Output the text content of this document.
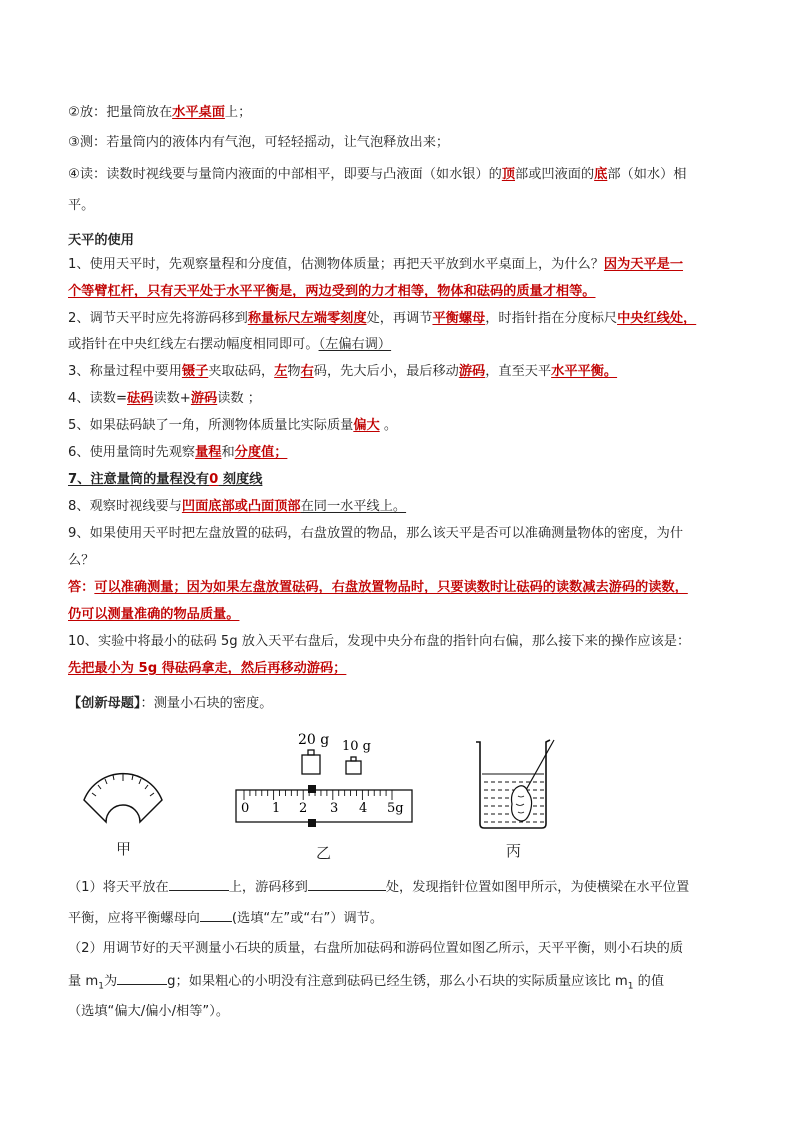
②放：把量筒放在水平桌面上；
③测：若量筒内的液体内有气泡，可轻轻摇动，让气泡释放出来；
④读：读数时视线要与量筒内液面的中部相平，即要与凸液面（如水银）的顶部或凹液面的底部（如水）相
平。
天平的使用
1、使用天平时，先观察量程和分度值，估测物体质量；再把天平放到水平桌面上，为什么？因为天平是一
个等臂杠杆，只有天平处于水平平衡是，两边受到的力才相等，物体和砝码的质量才相等。
2、调节天平时应先将游码移到称量标尺左端零刻度处，再调节平衡螺母，时指针指在分度标尺中央红线处，
或指针在中央红线左右摆动幅度相同即可。（左偏右调）
3、称量过程中要用镊子夹取砝码，左物右码，先大后小，最后移动游码，直至天平水平平衡。
4、读数=砝码读数+游码读数 ；
5、如果砝码缺了一角，所测物体质量比实际质量偏大 。
6、使用量筒时先观察量程和分度值；
7、注意量筒的量程没有0 刻度线
8、观察时视线要与凹面底部或凸面顶部在同一水平线上。
9、如果使用天平时把左盘放置的砝码，右盘放置的物品，那么该天平是否可以准确测量物体的密度，为什
么？
答：可以准确测量；因为如果左盘放置砝码，右盘放置物品时，只要读数时让砝码的读数减去游码的读数，
仍可以测量准确的物品质量。
10、实验中将最小的砝码 5g 放入天平右盘后，发现中央分布盘的指针向右偏，那么接下来的操作应该是：
先把最小为 5g 得砝码拿走，然后再移动游码；
【创新母题】：测量小石块的密度。
甲
20 g 10 g
0 1 2 3 4 5g
乙	丙
（1）将天平放在	上，游码移到	处，发现指针位置如图甲所示，为使横梁在水平位置
平衡，应将平衡螺母向 (选填“左”或“右”）调节。
（2）用调节好的天平测量小石块的质量，右盘所加砝码和游码位置如图乙所示，天平平衡，则小石块的质
量 $m_1$为	g；如果粗心的小明没有注意到砝码已经生锈，那么小石块的实际质量应该比 $m_1$ 的值
（选填“偏大/偏小/相等”）。
